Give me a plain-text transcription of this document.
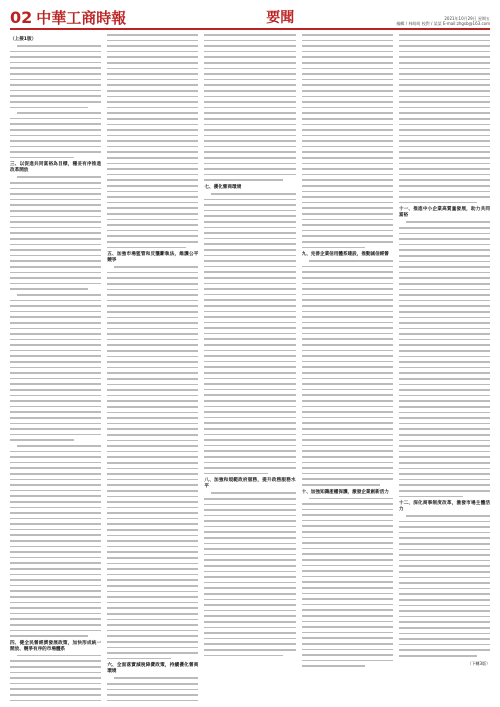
02 中華工商時報	要聞	2021年10月29日 星期五
編輯 / 林萌萌 校對 / 某某 E-mail:zhgsb@163.com
（上接1版）
三、以促進共同富裕為目標，穩妥有序推進改革開放
四、健全民營經濟發展政策，加快形成統一開放、競爭有序的市場體系
五、加強市場監管和反壟斷執法，維護公平競爭
六、全面落實減稅降費政策，持續優化營商環境
七、優化營商環境
八、加強和規範政府服務，提升政務服務水平
九、完善企業信用體系建設，推動誠信經營
十、加強知識產權保護，激發企業創新活力
十一、推進中小企業高質量發展，助力共同富裕
十二、深化商事制度改革，激發市場主體活力
（下轉3版）
